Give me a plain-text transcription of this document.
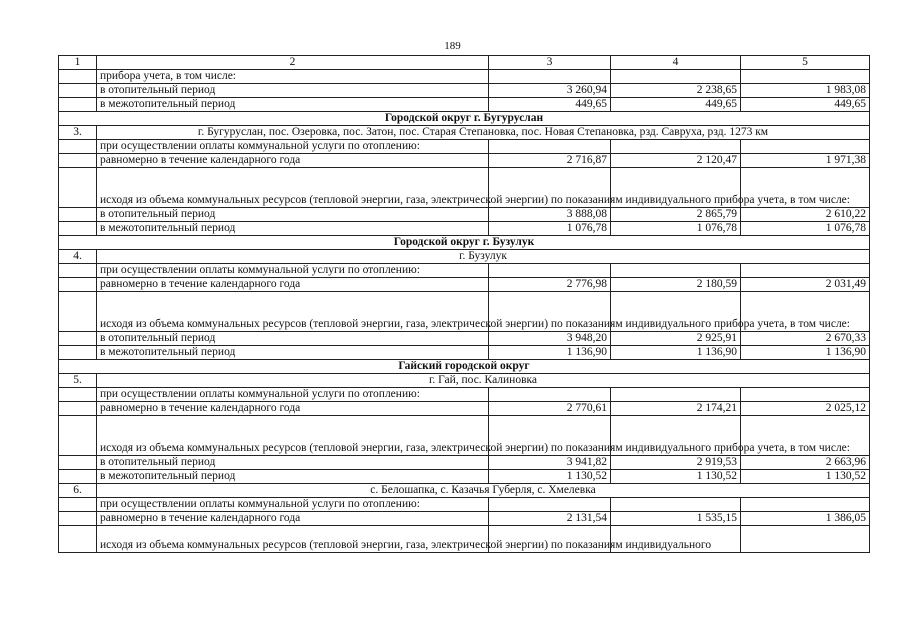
189
1	2	3	4	5
	прибора учета, в том числе:			
	в отопительный период	3 260,94	2 238,65	1 983,08
	в межотопительный период	449,65	449,65	449,65
Городской округ г. Бугуруслан				
3.	г. Бугуруслан, пос. Озеровка, пос. Затон, пос. Старая Степановка, пос. Новая Степановка, рзд. Савруха, рзд. 1273 км			
	при осуществлении оплаты коммунальной услуги по отоплению:			
	равномерно в течение календарного года	2 716,87	2 120,47	1 971,38
	исходя из объема коммунальных ресурсов (тепловой энергии, газа, электрической энергии) по показаниям индивидуального прибора учета, в том числе:			
	в отопительный период	3 888,08	2 865,79	2 610,22
	в межотопительный период	1 076,78	1 076,78	1 076,78
Городской округ г. Бузулук				
4.	г. Бузулук			
	при осуществлении оплаты коммунальной услуги по отоплению:			
	равномерно в течение календарного года	2 776,98	2 180,59	2 031,49
	исходя из объема коммунальных ресурсов (тепловой энергии, газа, электрической энергии) по показаниям индивидуального прибора учета, в том числе:			
	в отопительный период	3 948,20	2 925,91	2 670,33
	в межотопительный период	1 136,90	1 136,90	1 136,90
Гайский городской округ				
5.	г. Гай, пос. Калиновка			
	при осуществлении оплаты коммунальной услуги по отоплению:			
	равномерно в течение календарного года	2 770,61	2 174,21	2 025,12
	исходя из объема коммунальных ресурсов (тепловой энергии, газа, электрической энергии) по показаниям индивидуального прибора учета, в том числе:			
	в отопительный период	3 941,82	2 919,53	2 663,96
	в межотопительный период	1 130,52	1 130,52	1 130,52
6.	с. Белошапка, с. Казачья Губерля, с. Хмелевка			
	при осуществлении оплаты коммунальной услуги по отоплению:			
	равномерно в течение календарного года	2 131,54	1 535,15	1 386,05
	исходя из объема коммунальных ресурсов (тепловой энергии, газа, электрической энергии) по показаниям индивидуального			
